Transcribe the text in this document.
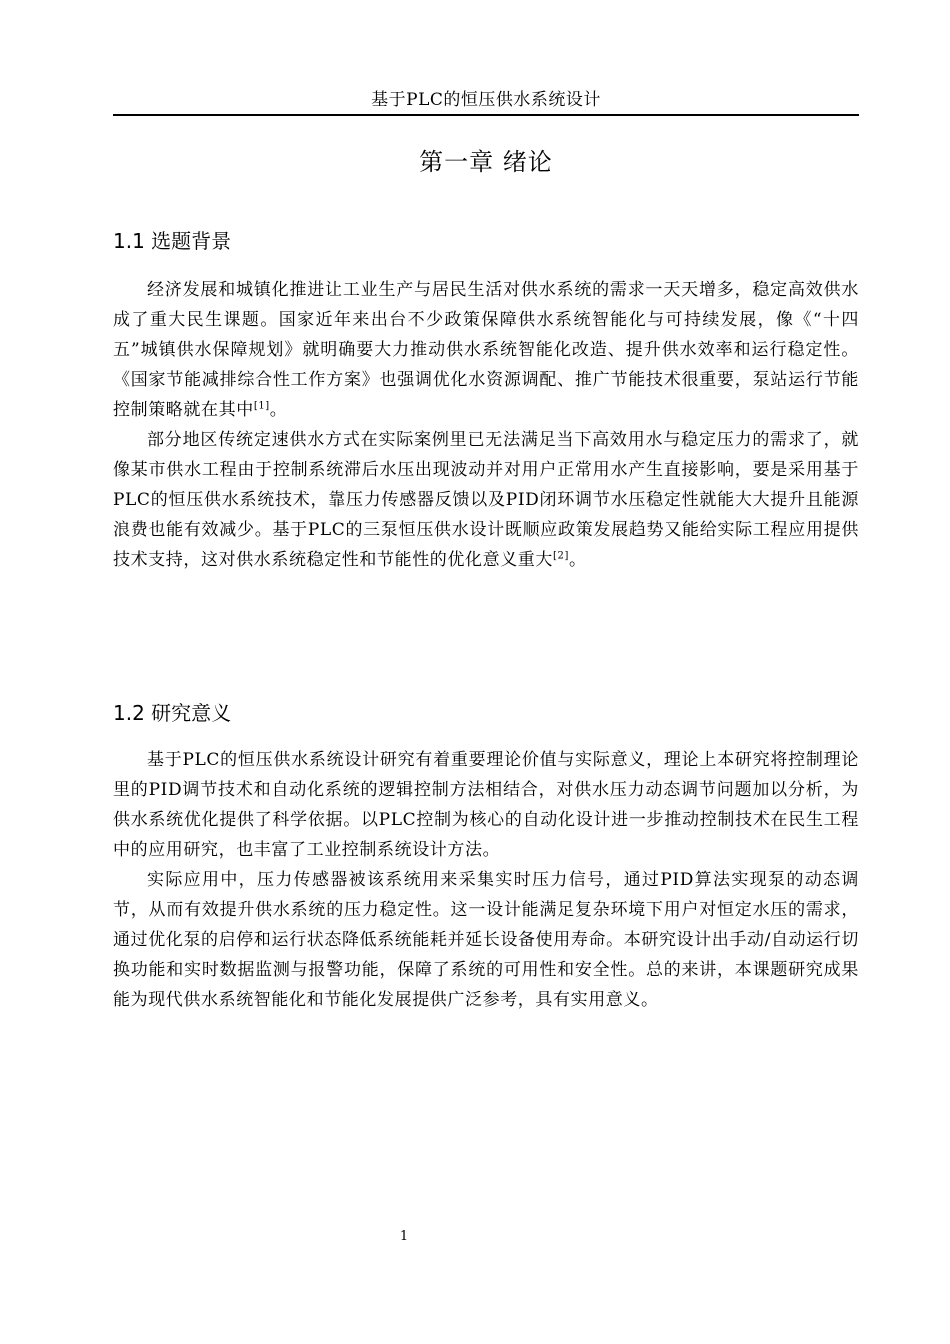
基于PLC的恒压供水系统设计
第一章 绪论
1.1 选题背景

经济发展和城镇化推进让工业生产与居民生活对供水系统的需求一天天增多，稳定高效供水成了重大民生课题。国家近年来出台不少政策保障供水系统智能化与可持续发展，像《“十四五”城镇供水保障规划》就明确要大力推动供水系统智能化改造、提升供水效率和运行稳定性。《国家节能减排综合性工作方案》也强调优化水资源调配、推广节能技术很重要，泵站运行节能控制策略就在其中[1]。

部分地区传统定速供水方式在实际案例里已无法满足当下高效用水与稳定压力的需求了，就像某市供水工程由于控制系统滞后水压出现波动并对用户正常用水产生直接影响，要是采用基于PLC的恒压供水系统技术，靠压力传感器反馈以及PID闭环调节水压稳定性就能大大提升且能源浪费也能有效减少。基于PLC的三泵恒压供水设计既顺应政策发展趋势又能给实际工程应用提供技术支持，这对供水系统稳定性和节能性的优化意义重大[2]。

1.2 研究意义

基于PLC的恒压供水系统设计研究有着重要理论价值与实际意义，理论上本研究将控制理论里的PID调节技术和自动化系统的逻辑控制方法相结合，对供水压力动态调节问题加以分析，为供水系统优化提供了科学依据。以PLC控制为核心的自动化设计进一步推动控制技术在民生工程中的应用研究，也丰富了工业控制系统设计方法。

实际应用中，压力传感器被该系统用来采集实时压力信号，通过PID算法实现泵的动态调节，从而有效提升供水系统的压力稳定性。这一设计能满足复杂环境下用户对恒定水压的需求，通过优化泵的启停和运行状态降低系统能耗并延长设备使用寿命。本研究设计出手动/自动运行切换功能和实时数据监测与报警功能，保障了系统的可用性和安全性。总的来讲，本课题研究成果能为现代供水系统智能化和节能化发展提供广泛参考，具有实用意义。

1
